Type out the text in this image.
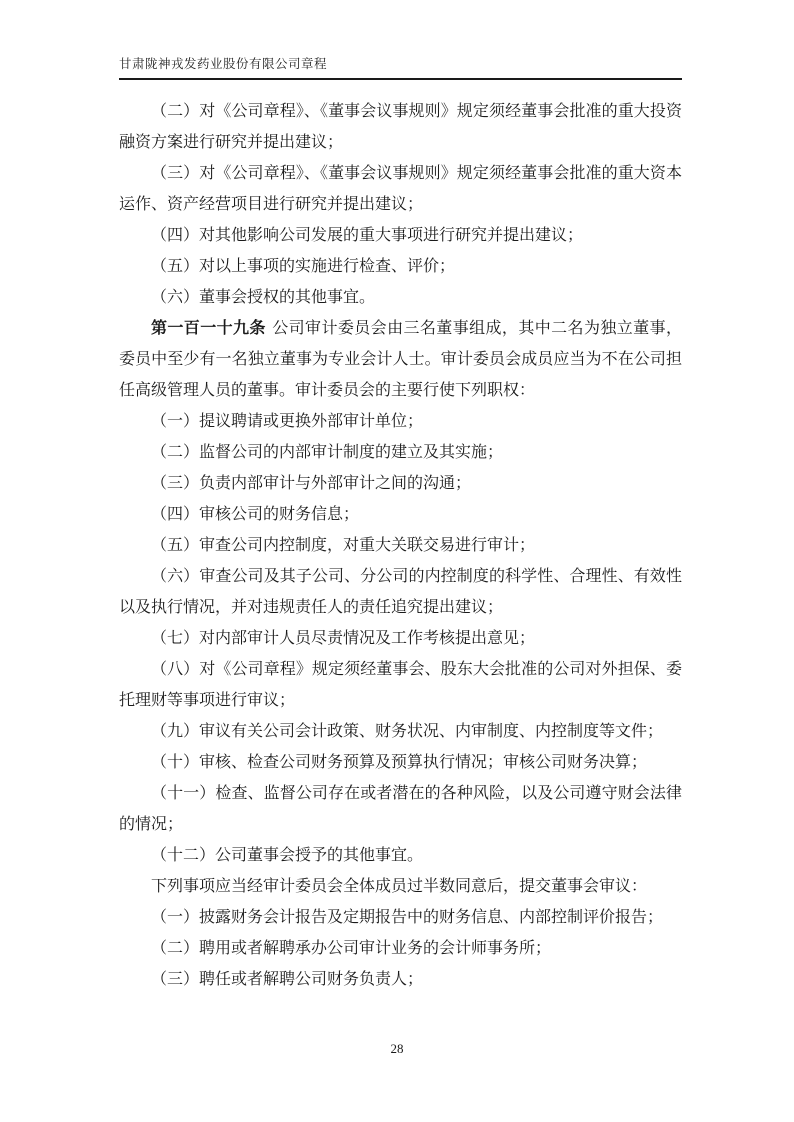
甘肃陇神戎发药业股份有限公司章程

（二）对《公司章程》、《董事会议事规则》规定须经董事会批准的重大投资融资方案进行研究并提出建议；

（三）对《公司章程》、《董事会议事规则》规定须经董事会批准的重大资本运作、资产经营项目进行研究并提出建议；

（四）对其他影响公司发展的重大事项进行研究并提出建议；

（五）对以上事项的实施进行检查、评价；

（六）董事会授权的其他事宜。

第一百一十九条 公司审计委员会由三名董事组成，其中二名为独立董事，委员中至少有一名独立董事为专业会计人士。审计委员会成员应当为不在公司担任高级管理人员的董事。审计委员会的主要行使下列职权：

（一）提议聘请或更换外部审计单位；

（二）监督公司的内部审计制度的建立及其实施；

（三）负责内部审计与外部审计之间的沟通；

（四）审核公司的财务信息；

（五）审查公司内控制度，对重大关联交易进行审计；

（六）审查公司及其子公司、分公司的内控制度的科学性、合理性、有效性以及执行情况，并对违规责任人的责任追究提出建议；

（七）对内部审计人员尽责情况及工作考核提出意见；

（八）对《公司章程》规定须经董事会、股东大会批准的公司对外担保、委托理财等事项进行审议；

（九）审议有关公司会计政策、财务状况、内审制度、内控制度等文件；

（十）审核、检查公司财务预算及预算执行情况；审核公司财务决算；

（十一）检查、监督公司存在或者潜在的各种风险，以及公司遵守财会法律的情况；

（十二）公司董事会授予的其他事宜。

下列事项应当经审计委员会全体成员过半数同意后，提交董事会审议：

（一）披露财务会计报告及定期报告中的财务信息、内部控制评价报告；

（二）聘用或者解聘承办公司审计业务的会计师事务所；

（三）聘任或者解聘公司财务负责人；

28
